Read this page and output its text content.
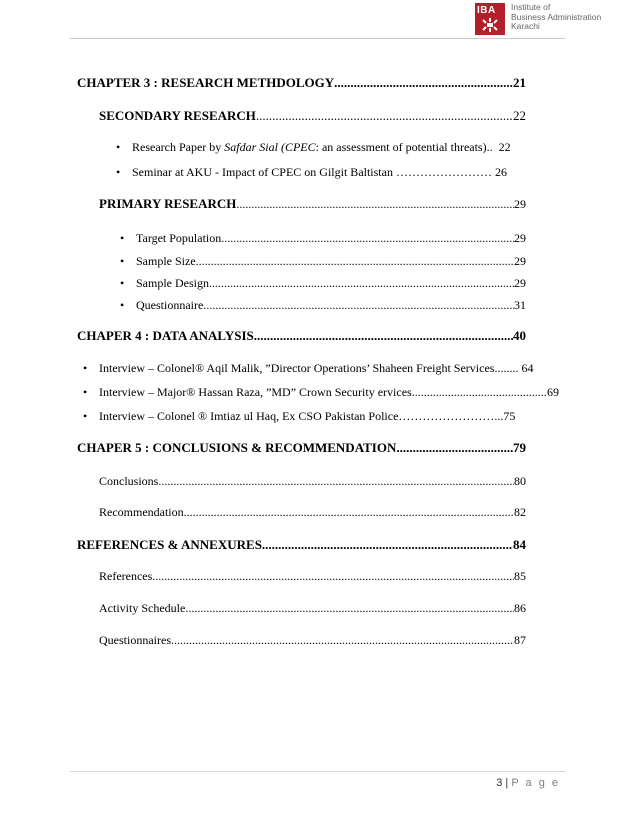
IBA Institute of
Business Administration
Karachi
CHAPTER 3 : RESEARCH METHDOLOGY .....	21
SECONDARY RESEARCH .....	22
• Research Paper by Safdar Sial (CPEC: an assessment of potential threats).. 22
• Seminar at AKU - Impact of CPEC on Gilgit Baltistan …………………… 26
PRIMARY RESEARCH .....	29
Target Population .....	29
Sample Size .....	29
Sample Design .....	29
Questionnaire. .....	31
CHAPER 4 : DATA ANALYSIS .....	40
• Interview – Colonel® Aqil Malik, ”Director Operations’ Shaheen Freight Services........ 64
Interview – Major® Hassan Raza, ”MD” Crown Security ervices .....	69
• Interview – Colonel ® Imtiaz ul Haq, Ex CSO Pakistan Police……………………...75
CHAPER 5 : CONCLUSIONS & RECOMMENDATION .....	79
Conclusions .....	80
Recommendation .....	82
REFERENCES & ANNEXURES .....	84
References .....	85
Activity Schedule .....	86
Questionnaires .....	87
3 | P a g e
